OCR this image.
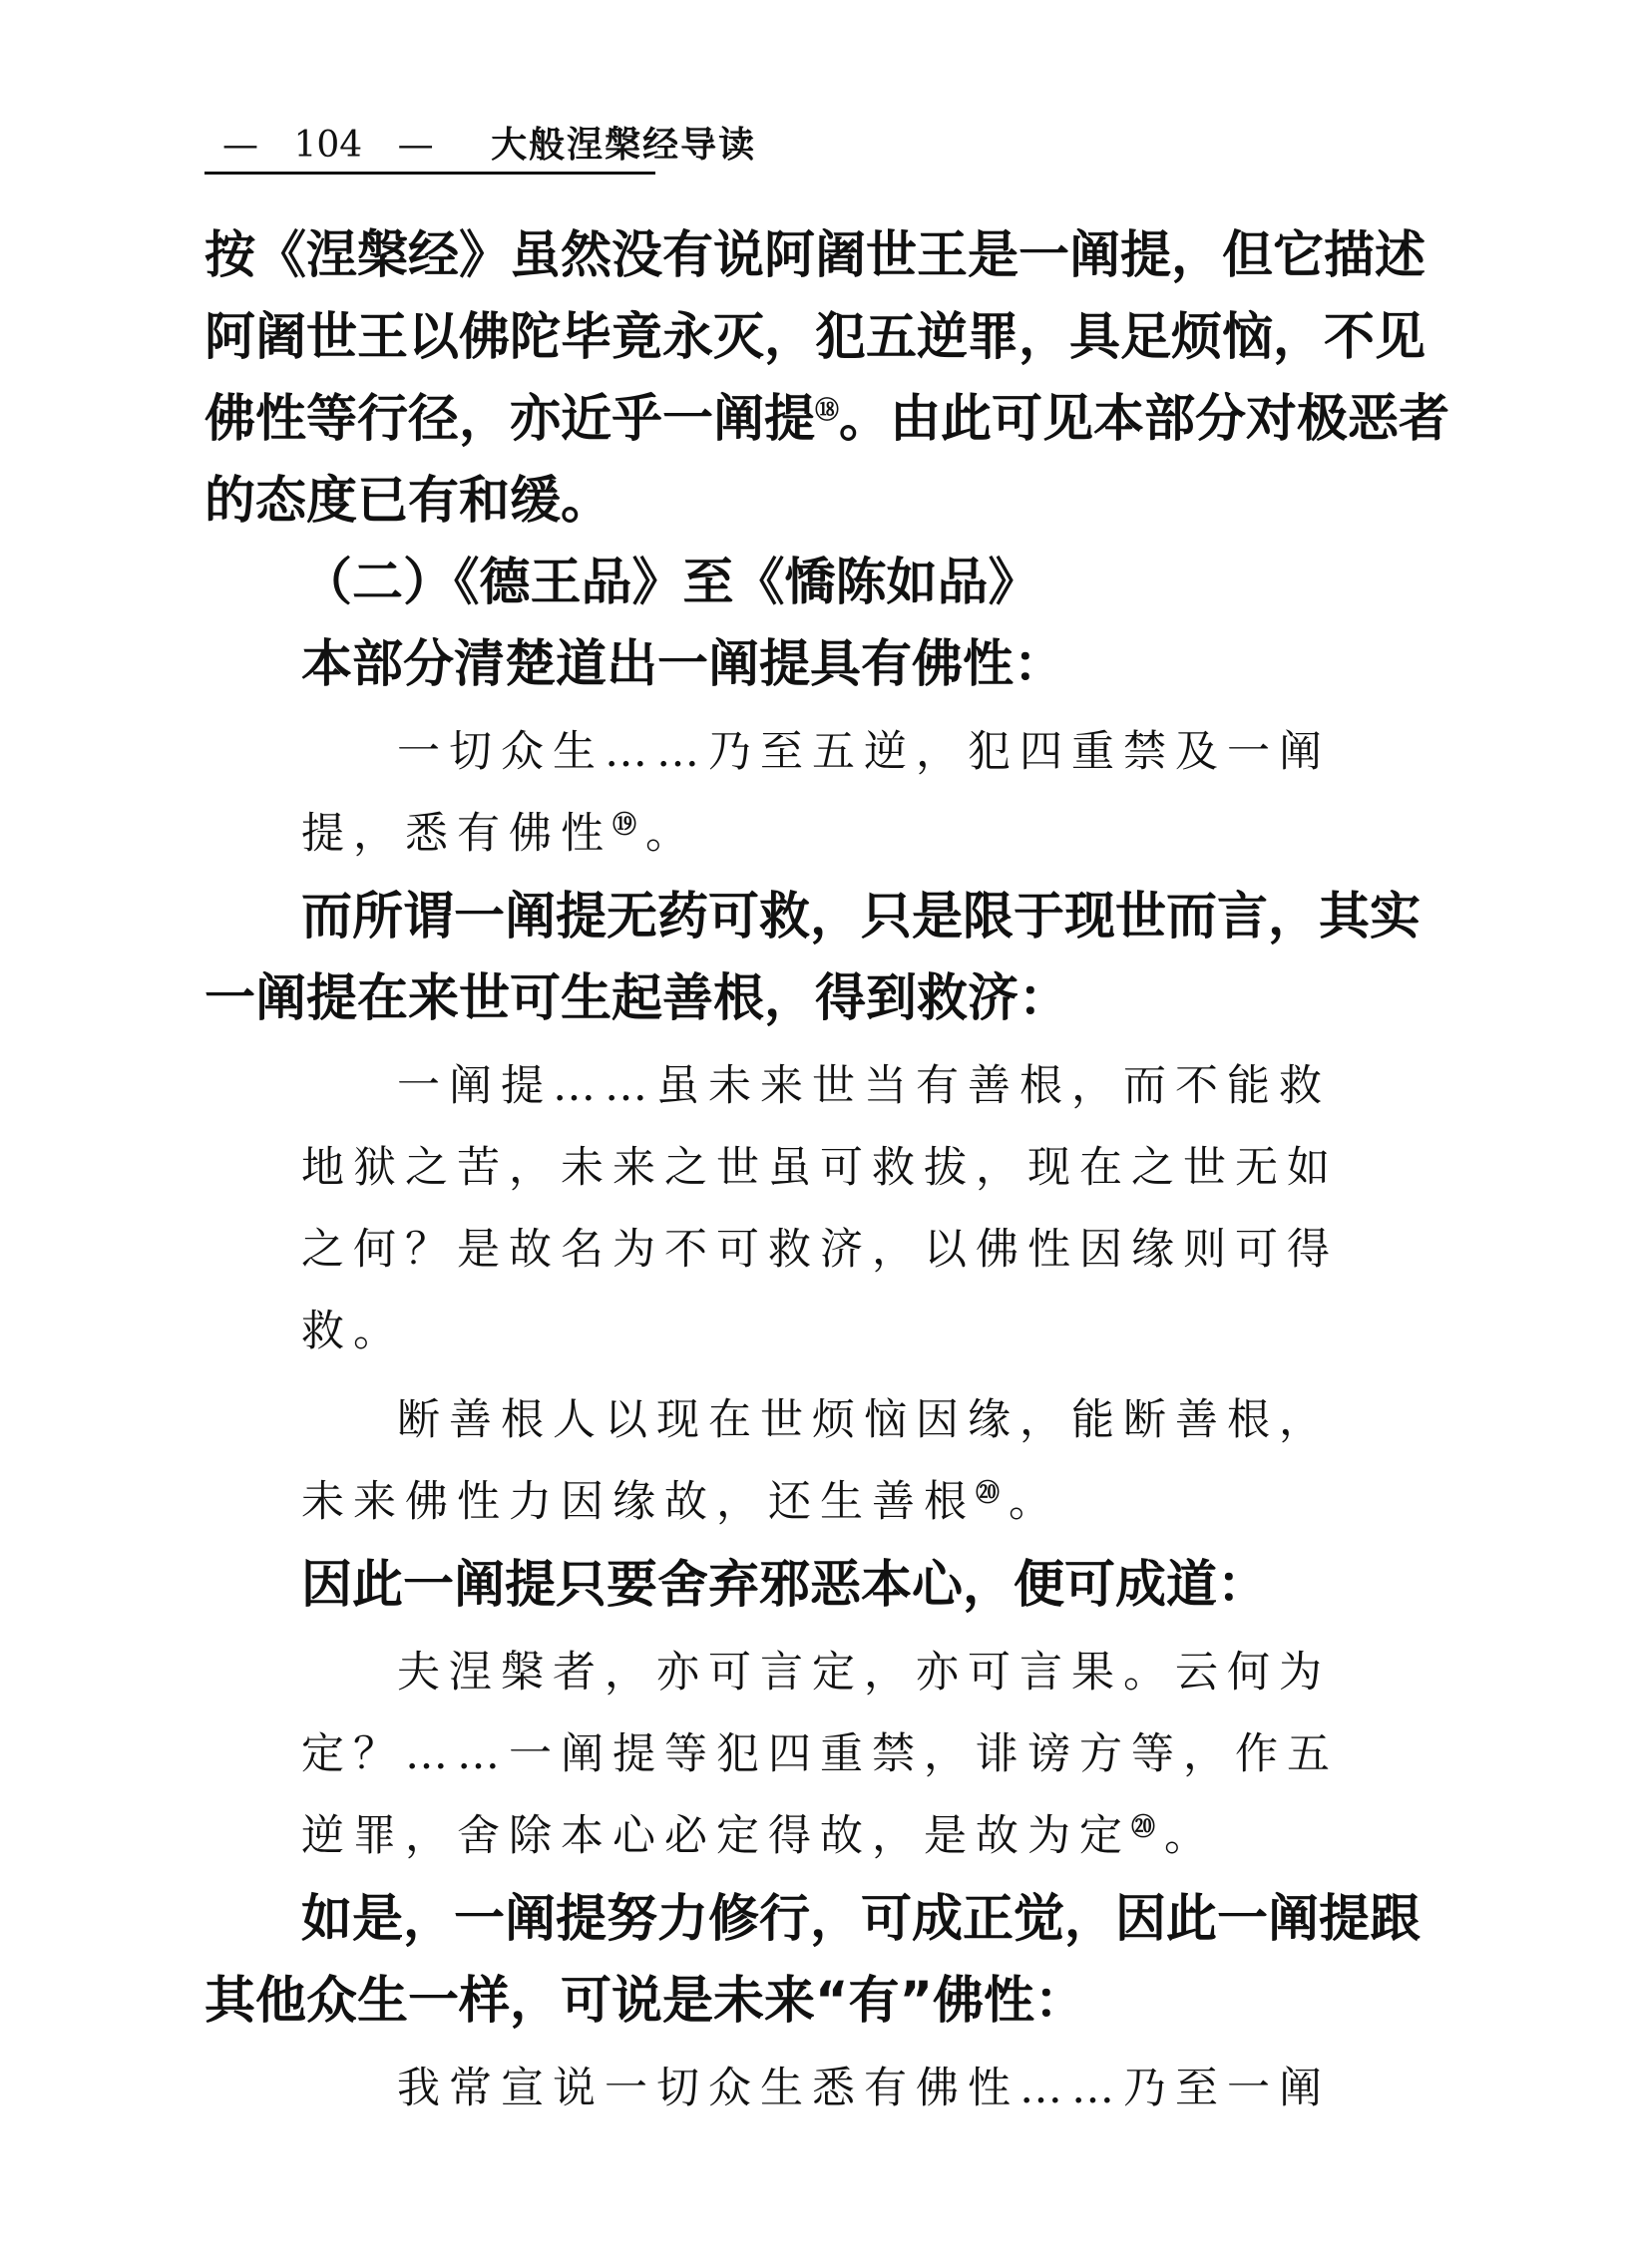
— 104 — 大般涅槃经导读
按《涅槃经》虽然没有说阿阇世王是一阐提，但它描述
阿阇世王以佛陀毕竟永灭，犯五逆罪，具足烦恼，不见
佛性等行径，亦近乎一阐提⑱。由此可见本部分对极恶者
的态度已有和缓。
（二）《德王品》至《憍陈如品》
本部分清楚道出一阐提具有佛性：
一切众生……乃至五逆，犯四重禁及一阐
提，悉有佛性⑲。
而所谓一阐提无药可救，只是限于现世而言，其实
一阐提在来世可生起善根，得到救济：
一阐提……虽未来世当有善根，而不能救
地狱之苦，未来之世虽可救拔，现在之世无如
之何？是故名为不可救济，以佛性因缘则可得
救。
断善根人以现在世烦恼因缘，能断善根，
未来佛性力因缘故，还生善根⑳。
因此一阐提只要舍弃邪恶本心，便可成道：
夫涅槃者，亦可言定，亦可言果。云何为
定？……一阐提等犯四重禁，诽谤方等，作五
逆罪，舍除本心必定得故，是故为定⑳。
如是，一阐提努力修行，可成正觉，因此一阐提跟
其他众生一样，可说是未来“有”佛性：
我常宣说一切众生悉有佛性……乃至一阐
